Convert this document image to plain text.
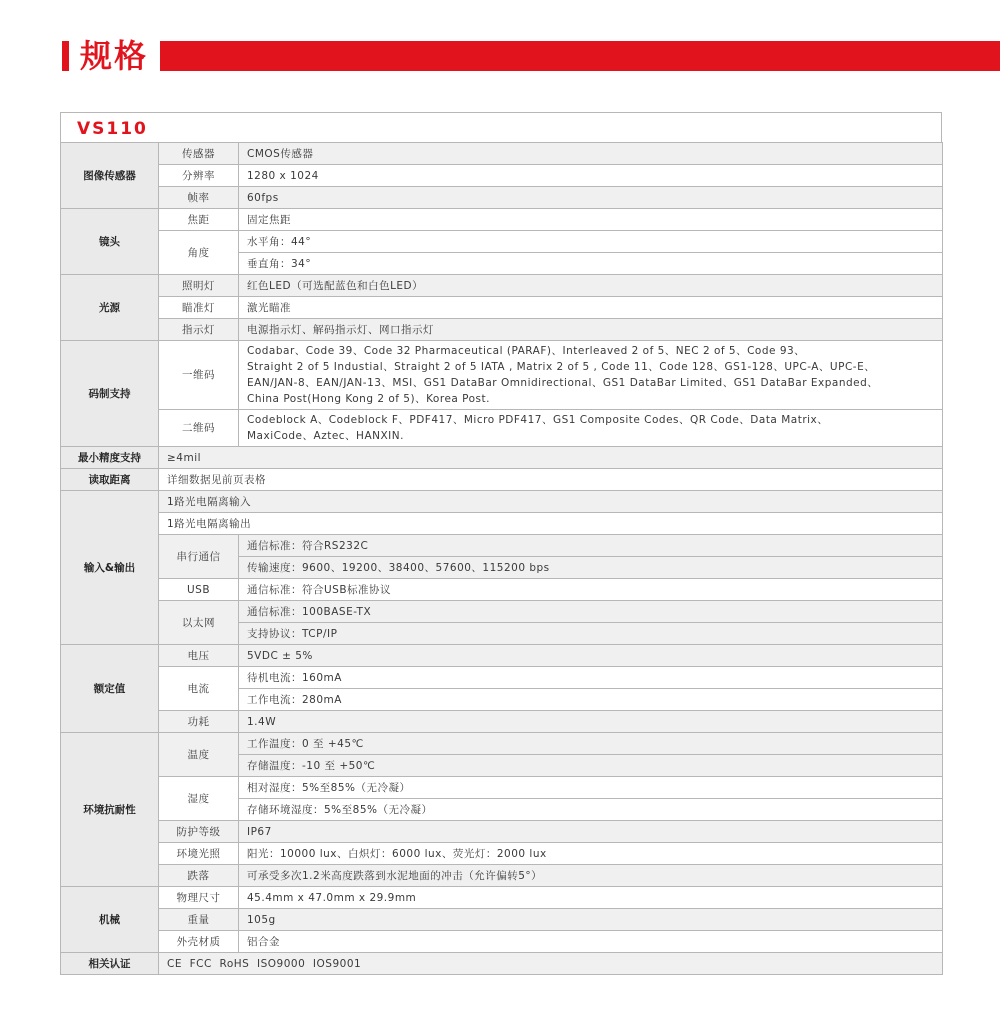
规格
VS110
图像传感器	传感器	CMOS传感器
	分辨率	1280 x 1024
	帧率	60fps
镜头	焦距	固定焦距
	角度	水平角：44°
		垂直角：34°
光源	照明灯	红色LED（可选配蓝色和白色LED）
	瞄准灯	激光瞄准
	指示灯	电源指示灯、解码指示灯、网口指示灯
码制支持	一维码	Codabar、Code 39、Code 32 Pharmaceutical (PARAF)、Interleaved 2 of 5、NEC 2 of 5、Code 93、
Straight 2 of 5 Industial、Straight 2 of 5 IATA , Matrix 2 of 5 , Code 11、Code 128、GS1-128、UPC-A、UPC-E、
EAN/JAN-8、EAN/JAN-13、MSI、GS1 DataBar Omnidirectional、GS1 DataBar Limited、GS1 DataBar Expanded、
China Post(Hong Kong 2 of 5)、Korea Post.

	二维码	Codeblock A、Codeblock F、PDF417、Micro PDF417、GS1 Composite Codes、QR Code、Data Matrix、
MaxiCode、Aztec、HANXIN.

最小精度支持	≥4mil	
读取距离	详细数据见前页表格	
输入&输出	1路光电隔离输入	
	1路光电隔离输出	
	串行通信	通信标准：符合RS232C
		传输速度：9600、19200、38400、57600、115200 bps
	USB	通信标准：符合USB标准协议
	以太网	通信标准：100BASE-TX
		支持协议：TCP/IP
额定值	电压	5VDC ± 5%
	电流	待机电流：160mA
		工作电流：280mA
	功耗	1.4W
环境抗耐性	温度	工作温度：0 至 +45℃
		存储温度：-10 至 +50℃
	湿度	相对湿度：5%至85%（无冷凝）
		存储环境湿度：5%至85%（无冷凝）
	防护等级	IP67
	环境光照	阳光：10000 lux、白炽灯：6000 lux、荧光灯：2000 lux
	跌落	可承受多次1.2米高度跌落到水泥地面的冲击（允许偏转5°）
机械	物理尺寸	45.4mm x 47.0mm x 29.9mm
	重量	105g
	外壳材质	铝合金
相关认证	CE  FCC  RoHS  ISO9000  IOS9001	
